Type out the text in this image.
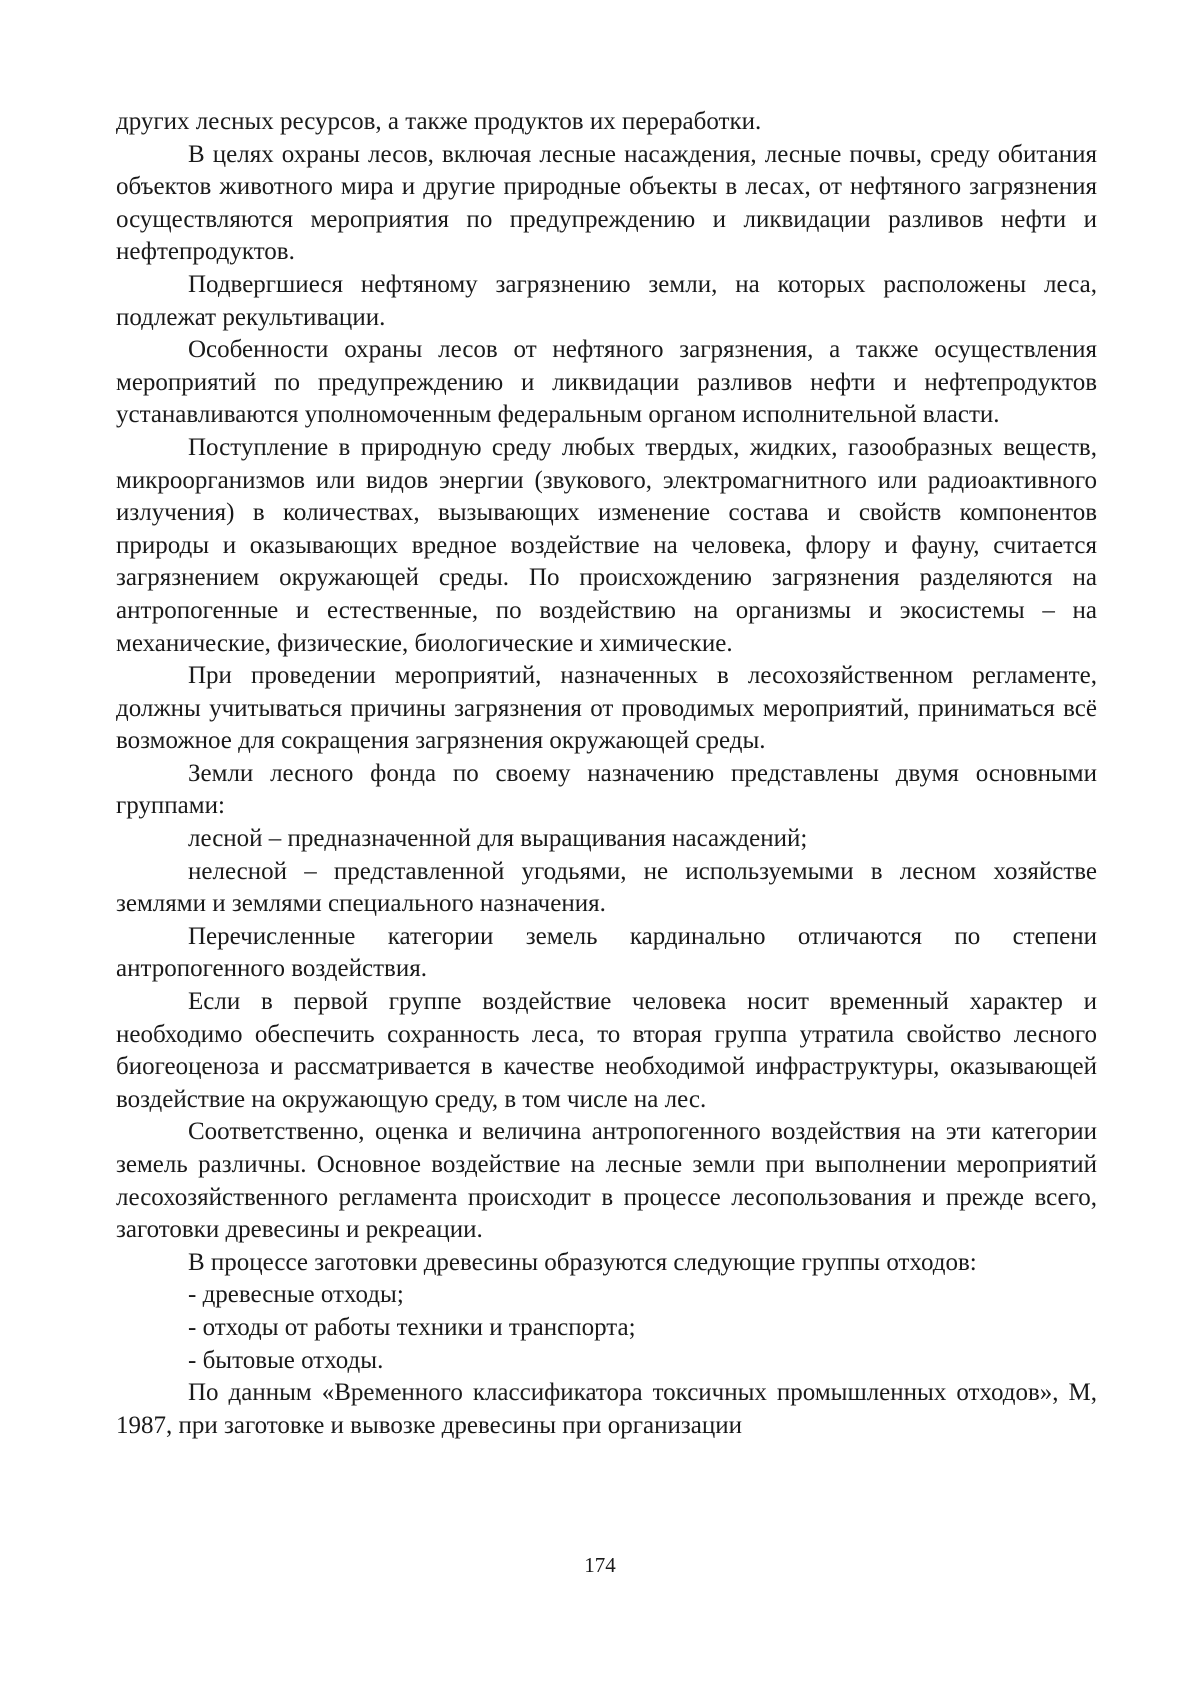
других лесных ресурсов, а также продуктов их переработки.

В целях охраны лесов, включая лесные насаждения, лесные почвы, среду обитания объектов животного мира и другие природные объекты в лесах, от нефтяного загрязнения осуществляются мероприятия по предупреждению и ликвидации разливов нефти и нефтепродуктов.

Подвергшиеся нефтяному загрязнению земли, на которых расположены леса, подлежат рекультивации.

Особенности охраны лесов от нефтяного загрязнения, а также осуществления мероприятий по предупреждению и ликвидации разливов нефти и нефтепродуктов устанавливаются уполномоченным федеральным органом исполнительной власти.

Поступление в природную среду любых твердых, жидких, газообразных веществ, микроорганизмов или видов энергии (звукового, электромагнитного или радиоактивного излучения) в количествах, вызывающих изменение состава и свойств компонентов природы и оказывающих вредное воздействие на человека, флору и фауну, считается загрязнением окружающей среды. По происхождению загрязнения разделяются на антропогенные и естественные, по воздействию на организмы и экосистемы – на механические, физические, биологические и химические.

При проведении мероприятий, назначенных в лесохозяйственном регламенте, должны учитываться причины загрязнения от проводимых мероприятий, приниматься всё возможное для сокращения загрязнения окружающей среды.

Земли лесного фонда по своему назначению представлены двумя основными группами:

лесной – предназначенной для выращивания насаждений;

нелесной – представленной угодьями, не используемыми в лесном хозяйстве землями и землями специального назначения.

Перечисленные категории земель кардинально отличаются по степени антропогенного воздействия.

Если в первой группе воздействие человека носит временный характер и необходимо обеспечить сохранность леса, то вторая группа утратила свойство лесного биогеоценоза и рассматривается в качестве необходимой инфраструктуры, оказывающей воздействие на окружающую среду, в том числе на лес.

Соответственно, оценка и величина антропогенного воздействия на эти категории земель различны. Основное воздействие на лесные земли при выполнении мероприятий лесохозяйственного регламента происходит в процессе лесопользования и прежде всего, заготовки древесины и рекреации.

В процессе заготовки древесины образуются следующие группы отходов:

- древесные отходы;

- отходы от работы техники и транспорта;

- бытовые отходы.

По данным «Временного классификатора токсичных промышленных отходов», М, 1987, при заготовке и вывозке древесины при организации

174
